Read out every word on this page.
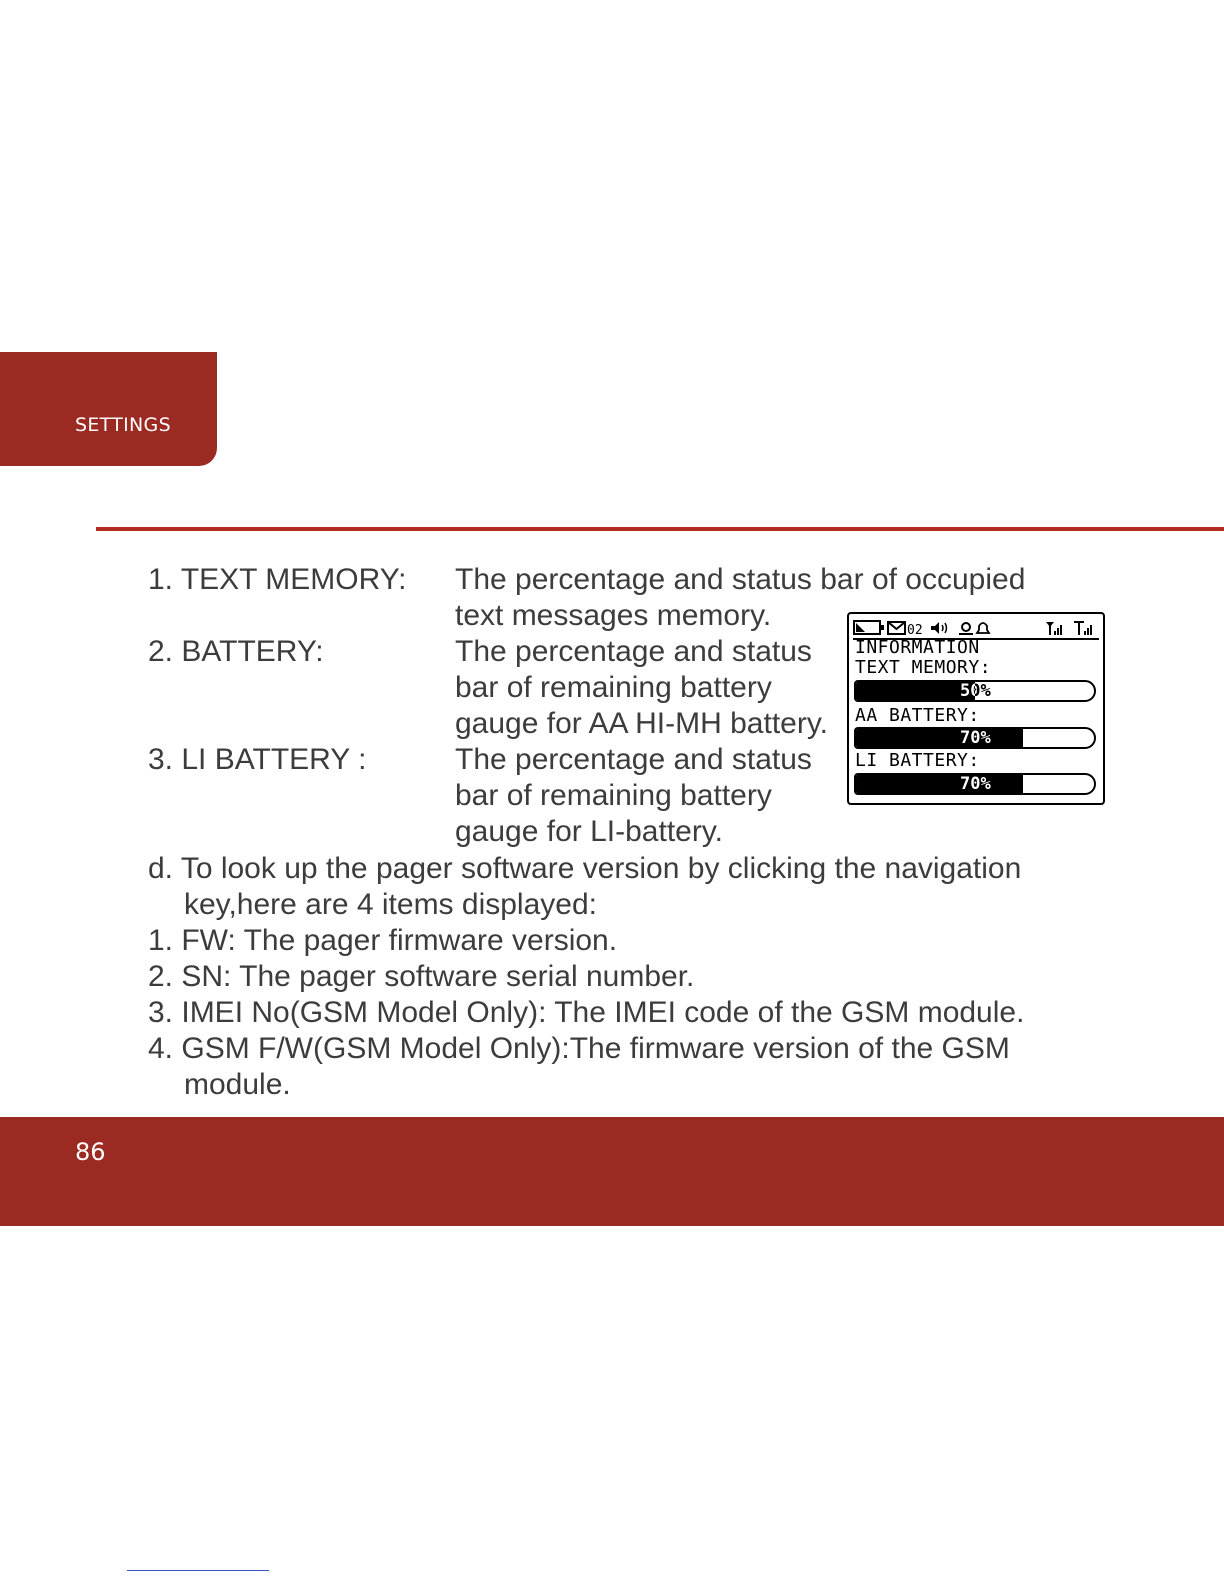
SETTINGS
1. TEXT MEMORY: The percentage and status bar of occupied
text messages memory.
2. BATTERY:	The percentage and status
bar of remaining battery
gauge for AA HI-MH battery.
3. LI BATTERY :	The percentage and status
bar of remaining battery
gauge for LI-battery.
d. To look up the pager software version by clicking the navigation
key,here are 4 items displayed:
1. FW: The pager firmware version.
2. SN: The pager software serial number.
3. IMEI No(GSM Model Only): The IMEI code of the GSM module.
4. GSM F/W(GSM Model Only):The firmware version of the GSM
module.
02
INFORMATION
TEXT MEMORY:
50%
AA BATTERY:
70%
LI BATTERY:
70%
86
